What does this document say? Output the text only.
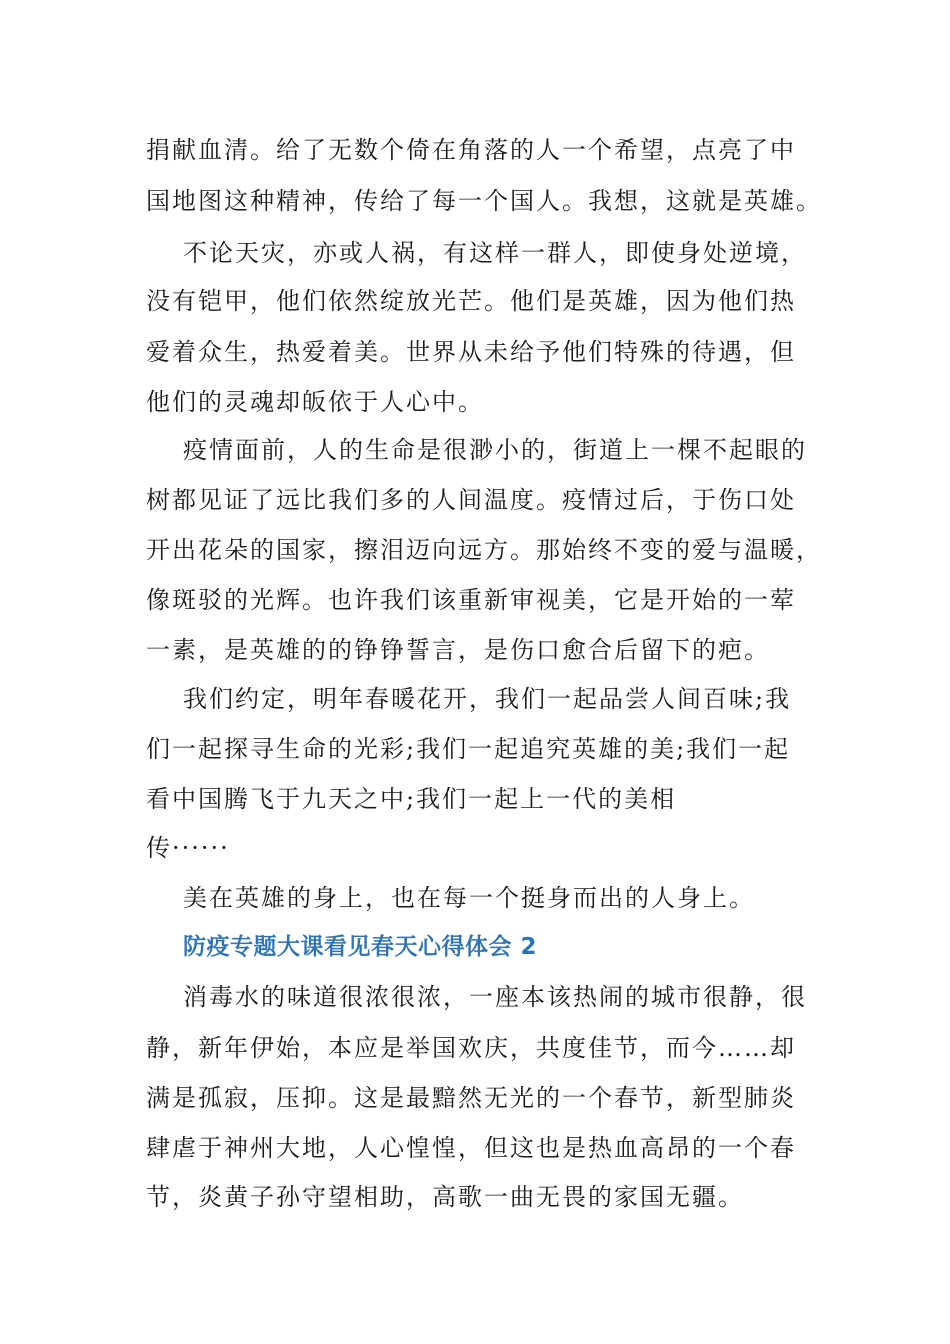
捐献血清。给了无数个倚在角落的人一个希望，点亮了中
国地图这种精神，传给了每一个国人。我想，这就是英雄。
不论天灾，亦或人祸，有这样一群人，即使身处逆境，
没有铠甲，他们依然绽放光芒。他们是英雄，因为他们热
爱着众生，热爱着美。世界从未给予他们特殊的待遇，但
他们的灵魂却皈依于人心中。
疫情面前，人的生命是很渺小的，街道上一棵不起眼的
树都见证了远比我们多的人间温度。疫情过后，于伤口处
开出花朵的国家，擦泪迈向远方。那始终不变的爱与温暖，
像斑驳的光辉。也许我们该重新审视美，它是开始的一荤
一素，是英雄的的铮铮誓言，是伤口愈合后留下的疤。
我们约定，明年春暖花开，我们一起品尝人间百味;我
们一起探寻生命的光彩;我们一起追究英雄的美;我们一起
看中国腾飞于九天之中;我们一起上一代的美相
传······
美在英雄的身上，也在每一个挺身而出的人身上。
防疫专题大课看见春天心得体会 2
消毒水的味道很浓很浓，一座本该热闹的城市很静，很
静，新年伊始，本应是举国欢庆，共度佳节，而今……却
满是孤寂，压抑。这是最黯然无光的一个春节，新型肺炎
肆虐于神州大地，人心惶惶，但这也是热血高昂的一个春
节，炎黄子孙守望相助，高歌一曲无畏的家国无疆。
